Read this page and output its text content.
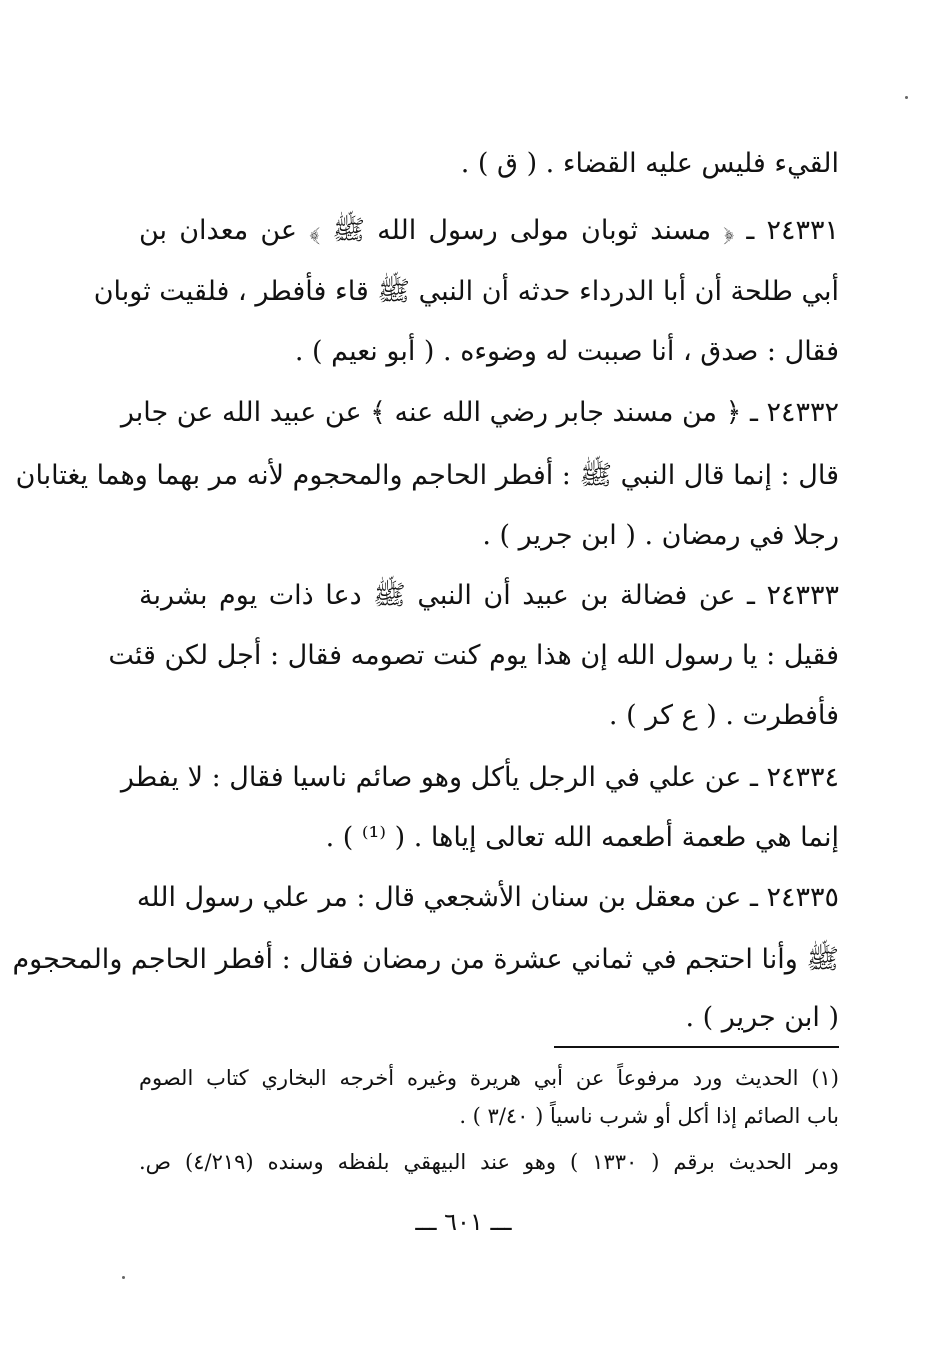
القيء فليس عليه القضاء . ( ق ) .
٢٤٣٣١ ـ ﴿ مسند ثوبان مولى رسول الله ﷺ ﴾ عن معدان بن
أبي طلحة أن أبا الدرداء حدثه أن النبي ﷺ قاء فأفطر ، فلقيت ثوبان
فقال : صدق ، أنا صببت له وضوءه . ( أبو نعيم ) .
٢٤٣٣٢ ـ ﴿ من مسند جابر رضي الله عنه ﴾ عن عبيد الله عن جابر
قال : إنما قال النبي ﷺ : أفطر الحاجم والمحجوم لأنه مر بهما وهما يغتابان
رجلا في رمضان . ( ابن جرير ) .
٢٤٣٣٣ ـ عن فضالة بن عبيد أن النبي ﷺ دعا ذات يوم بشربة
فقيل : يا رسول الله إن هذا يوم كنت تصومه فقال : أجل لكن قئت
فأفطرت . ( ع كر ) .
٢٤٣٣٤ ـ عن علي في الرجل يأكل وهو صائم ناسيا فقال : لا يفطر
إنما هي طعمة أطعمه الله تعالى إياها . ( ⁽¹⁾ ) .
٢٤٣٣٥ ـ عن معقل بن سنان الأشجعي قال : مر علي رسول الله
ﷺ وأنا احتجم في ثماني عشرة من رمضان فقال : أفطر الحاجم والمحجوم
( ابن جرير ) .
(١) الحديث ورد مرفوعاً عن أبي هريرة وغيره أخرجه البخاري كتاب الصوم
باب الصائم إذا أكل أو شرب ناسياً ( ٣/٤٠ ) .
ومر الحديث برقم ( ١٣٣٠ ) وهو عند البيهقي بلفظه وسنده (٤/٢١٩) ص.
ـــ ٦٠١ ـــ
